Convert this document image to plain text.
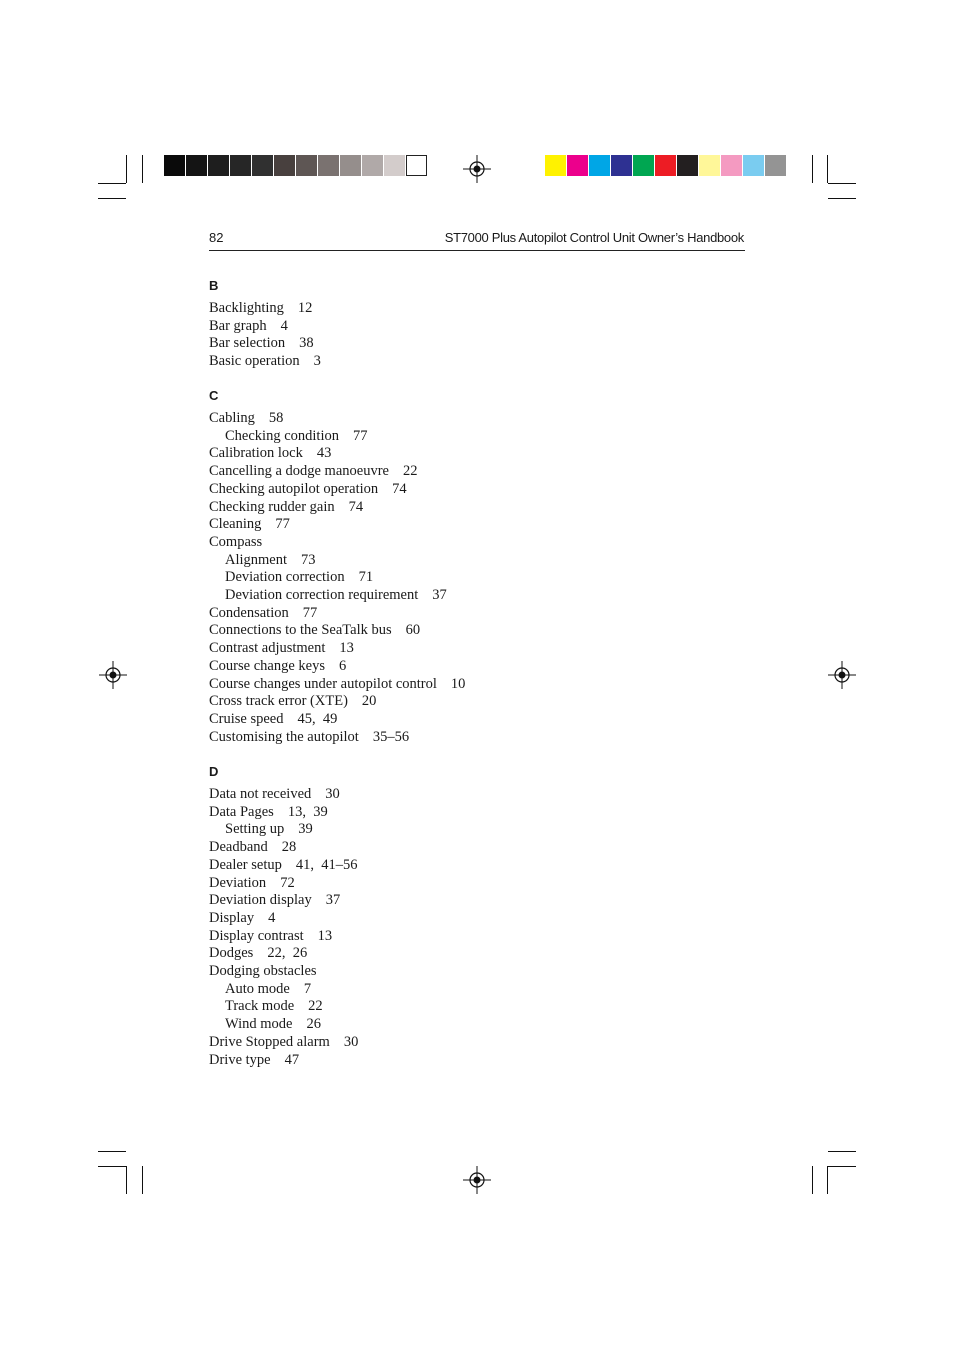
82	ST7000 Plus Autopilot Control Unit Owner’s Handbook
B
Backlighting 12
Bar graph 4
Bar selection 38
Basic operation 3
C
Cabling 58
Checking condition 77
Calibration lock 43
Cancelling a dodge manoeuvre 22
Checking autopilot operation 74
Checking rudder gain 74
Cleaning 77
Compass
Alignment 73
Deviation correction 71
Deviation correction requirement 37
Condensation 77
Connections to the SeaTalk bus 60
Contrast adjustment 13
Course change keys 6
Course changes under autopilot control 10
Cross track error (XTE) 20
Cruise speed 45,  49
Customising the autopilot 35–56
D
Data not received 30
Data Pages 13,  39
Setting up 39
Deadband 28
Dealer setup 41,  41–56
Deviation 72
Deviation display 37
Display 4
Display contrast 13
Dodges 22,  26
Dodging obstacles
Auto mode 7
Track mode 22
Wind mode 26
Drive Stopped alarm 30
Drive type 47
